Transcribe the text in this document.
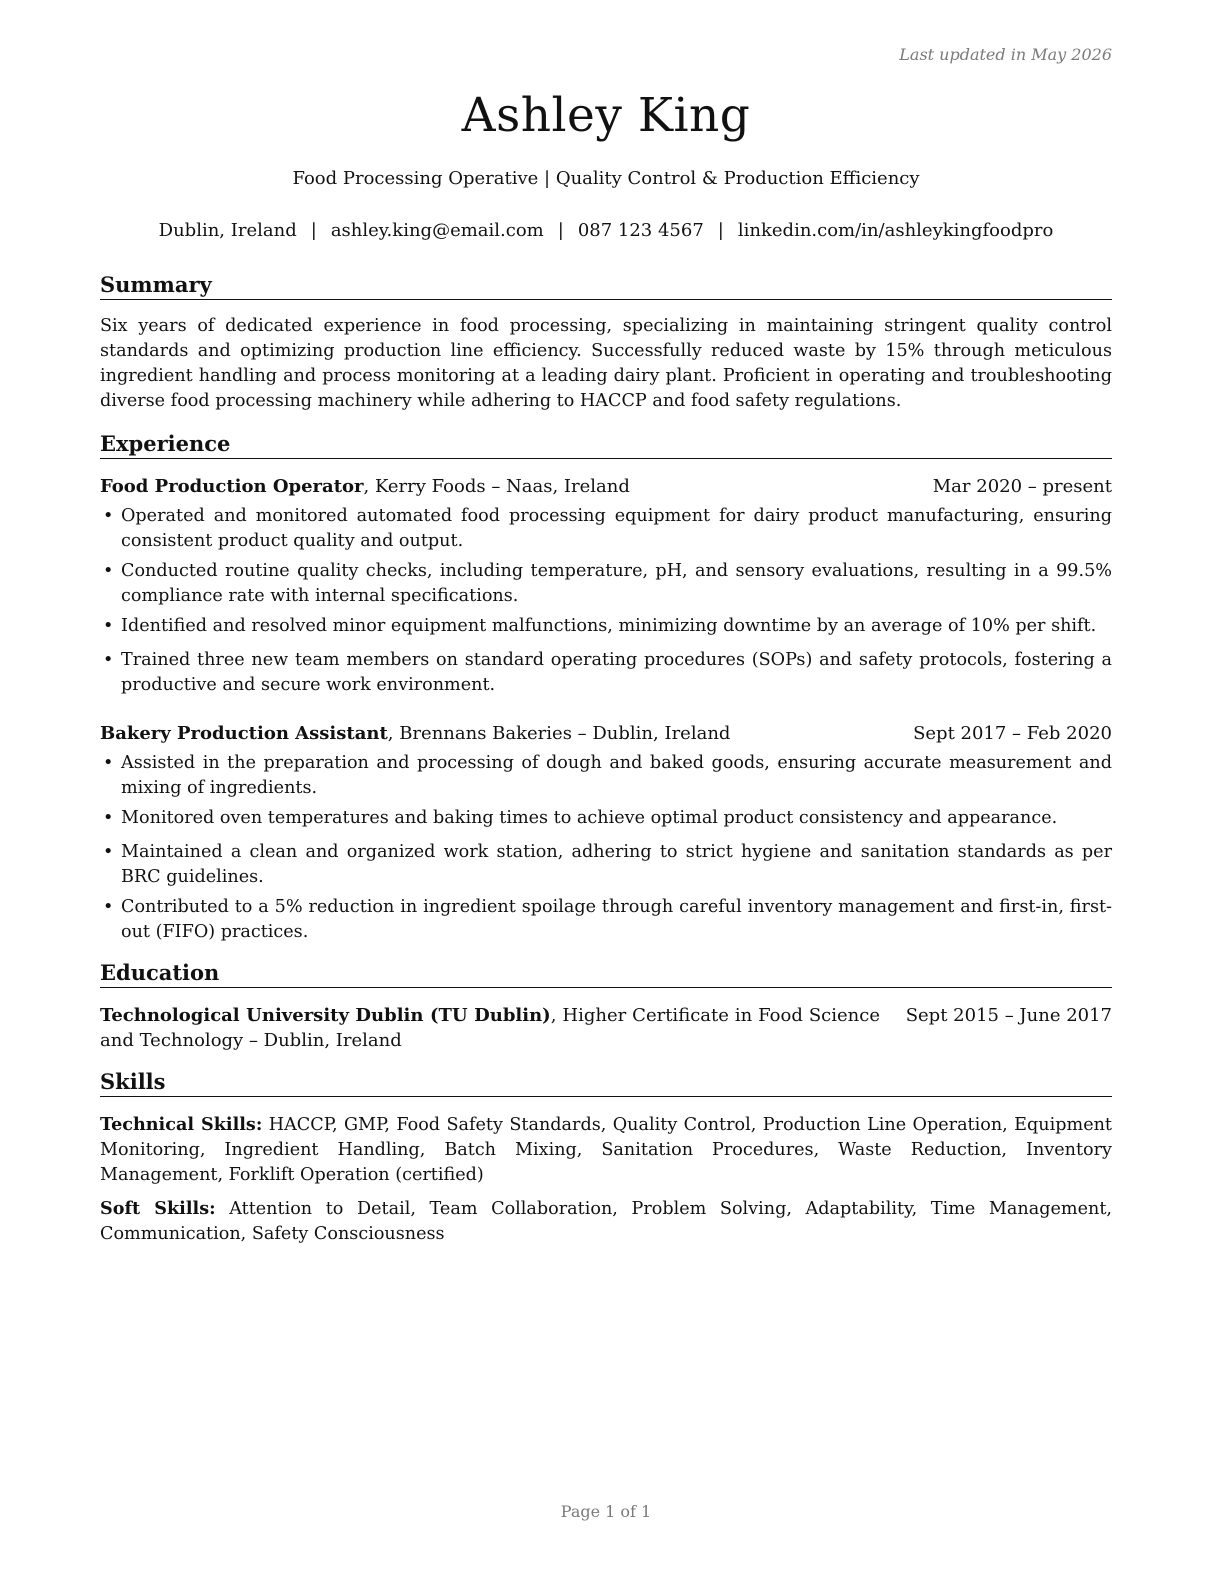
Last updated in May 2026
Ashley King
Food Processing Operative | Quality Control & Production Efficiency
Dublin, Ireland | ashley.king@email.com | 087 123 4567 | linkedin.com/in/ashleykingfoodpro
Summary

Six years of dedicated experience in food processing, specializing in maintaining stringent quality control standards and optimizing production line efficiency. Successfully reduced waste by 15% through meticulous ingredient handling and process monitoring at a leading dairy plant. Proficient in operating and troubleshooting diverse food processing machinery while adhering to HACCP and food safety regulations.

Experience
Food Production Operator, Kerry Foods – Naas, Ireland	Mar 2020 – present
• Operated and monitored automated food processing equipment for dairy product manufacturing, ensuring consistent product quality and output.
• Conducted routine quality checks, including temperature, pH, and sensory evaluations, resulting in a 99.5% compliance rate with internal specifications.
• Identified and resolved minor equipment malfunctions, minimizing downtime by an average of 10% per shift.
• Trained three new team members on standard operating procedures (SOPs) and safety protocols, fostering a productive and secure work environment.
Bakery Production Assistant, Brennans Bakeries – Dublin, Ireland	Sept 2017 – Feb 2020
• Assisted in the preparation and processing of dough and baked goods, ensuring accurate measurement and mixing of ingredients.
• Monitored oven temperatures and baking times to achieve optimal product consistency and appearance.
• Maintained a clean and organized work station, adhering to strict hygiene and sanitation standards as per BRC guidelines.
• Contributed to a 5% reduction in ingredient spoilage through careful inventory management and first-in, first-out (FIFO) practices.
Education
Technological University Dublin (TU Dublin), Higher Certificate in Food Science and Technology – Dublin, Ireland
Sept 2015 – June 2017
Skills

Technical Skills: HACCP, GMP, Food Safety Standards, Quality Control, Production Line Operation, Equipment Monitoring, Ingredient Handling, Batch Mixing, Sanitation Procedures, Waste Reduction, Inventory Management, Forklift Operation (certified)

Soft Skills: Attention to Detail, Team Collaboration, Problem Solving, Adaptability, Time Management, Communication, Safety Consciousness

Page 1 of 1
